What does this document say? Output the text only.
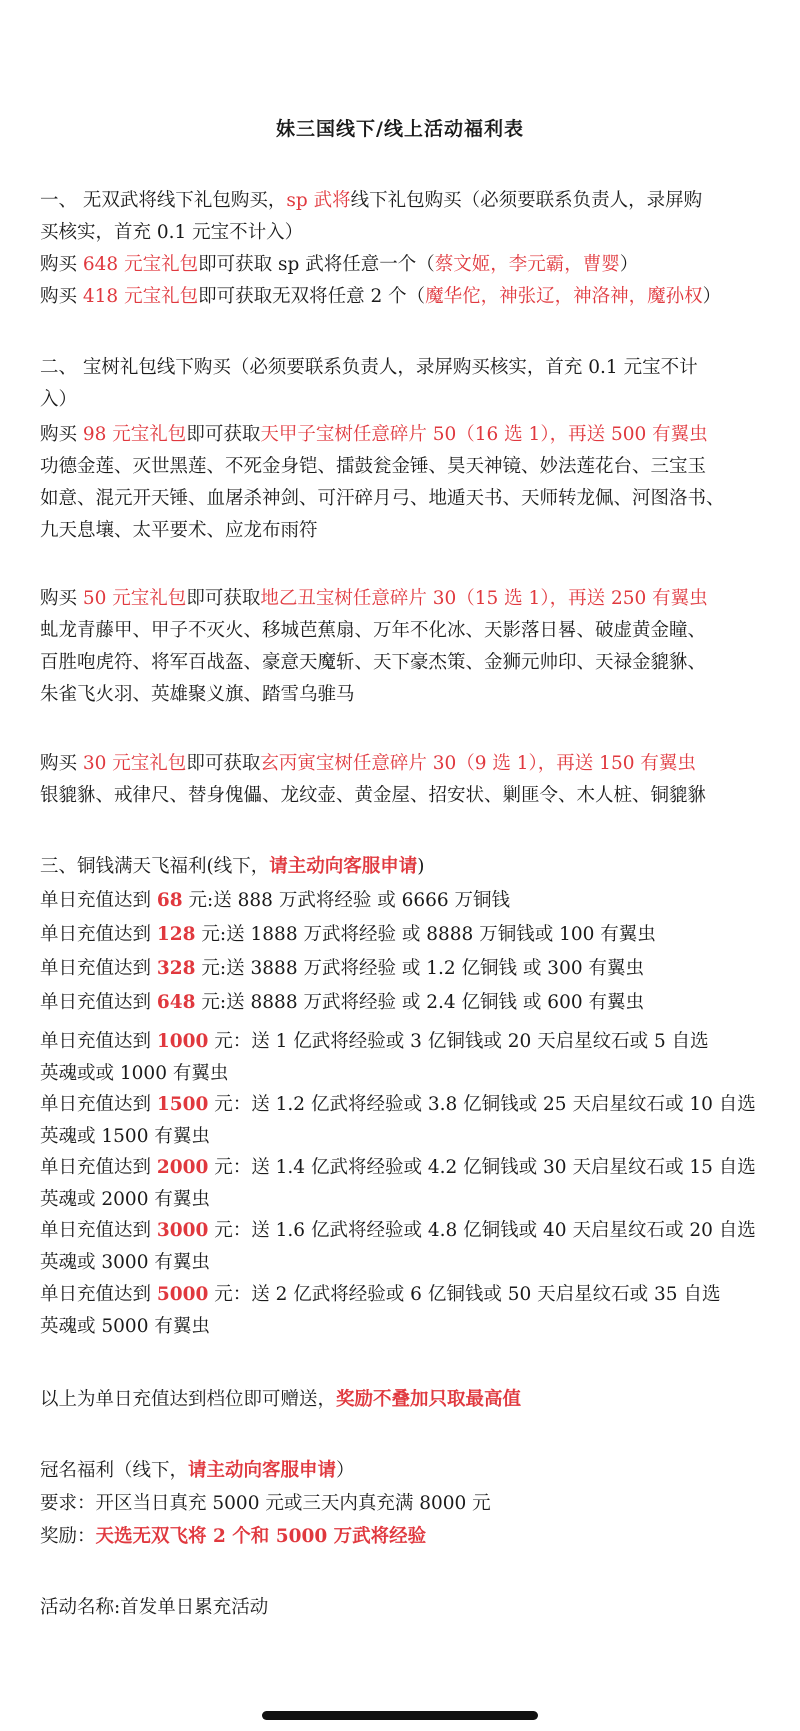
妹三国线下/线上活动福利表
一、 无双武将线下礼包购买，sp 武将线下礼包购买（必须要联系负责人，录屏购
买核实，首充 0.1 元宝不计入）
购买 648 元宝礼包即可获取 sp 武将任意一个（蔡文姬，李元霸，曹婴）
购买 418 元宝礼包即可获取无双将任意 2 个（魔华佗，神张辽，神洛神，魔孙权）
二、 宝树礼包线下购买（必须要联系负责人，录屏购买核实，首充 0.1 元宝不计
入）
购买 98 元宝礼包即可获取天甲子宝树任意碎片 50（16 选 1），再送 500 有翼虫
功德金莲、灭世黑莲、不死金身铠、擂鼓瓮金锤、昊天神镜、妙法莲花台、三宝玉
如意、混元开天锤、血屠杀神剑、可汗碎月弓、地遁天书、天师转龙佩、河图洛书、
九天息壤、太平要术、应龙布雨符
购买 50 元宝礼包即可获取地乙丑宝树任意碎片 30（15 选 1），再送 250 有翼虫
虬龙青藤甲、甲子不灭火、移城芭蕉扇、万年不化冰、天影落日晷、破虚黄金瞳、
百胜咆虎符、将军百战盔、豪意天魔斩、天下豪杰策、金狮元帅印、天禄金貔貅、
朱雀飞火羽、英雄聚义旗、踏雪乌骓马
购买 30 元宝礼包即可获取玄丙寅宝树任意碎片 30（9 选 1），再送 150 有翼虫
银貔貅、戒律尺、替身傀儡、龙纹壶、黄金屋、招安状、剿匪令、木人桩、铜貔貅
三、铜钱满天飞福利(线下，请主动向客服申请)
单日充值达到 68 元:送 888 万武将经验 或 6666 万铜钱
单日充值达到 128 元:送 1888 万武将经验 或 8888 万铜钱或 100 有翼虫
单日充值达到 328 元:送 3888 万武将经验 或 1.2 亿铜钱 或 300 有翼虫
单日充值达到 648 元:送 8888 万武将经验 或 2.4 亿铜钱 或 600 有翼虫
单日充值达到 1000 元：送 1 亿武将经验或 3 亿铜钱或 20 天启星纹石或 5 自选
英魂或或 1000 有翼虫
单日充值达到 1500 元：送 1.2 亿武将经验或 3.8 亿铜钱或 25 天启星纹石或 10 自选
英魂或 1500 有翼虫
单日充值达到 2000 元：送 1.4 亿武将经验或 4.2 亿铜钱或 30 天启星纹石或 15 自选
英魂或 2000 有翼虫
单日充值达到 3000 元：送 1.6 亿武将经验或 4.8 亿铜钱或 40 天启星纹石或 20 自选
英魂或 3000 有翼虫
单日充值达到 5000 元：送 2 亿武将经验或 6 亿铜钱或 50 天启星纹石或 35 自选
英魂或 5000 有翼虫
以上为单日充值达到档位即可赠送，奖励不叠加只取最高值
冠名福利（线下，请主动向客服申请）
要求：开区当日真充 5000 元或三天内真充满 8000 元
奖励：天选无双飞将 2 个和 5000 万武将经验
活动名称:首发单日累充活动
